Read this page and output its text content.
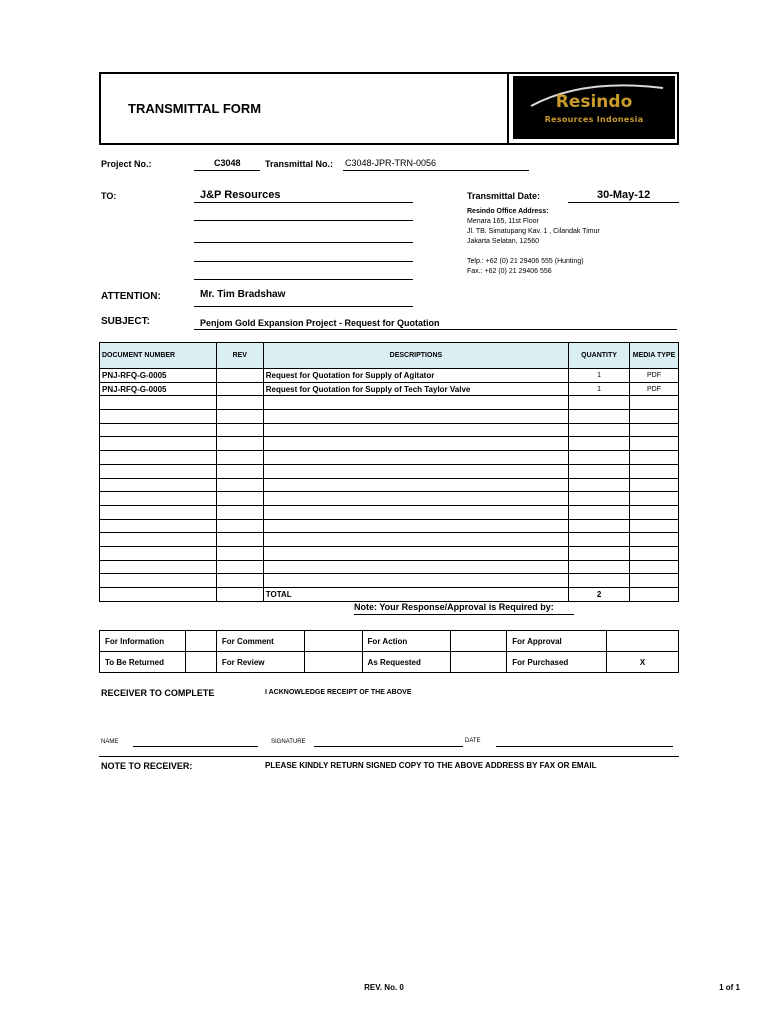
TRANSMITTAL FORM	Resindo
Resources Indonesia
Project No.:	C3048	Transmittal No.: C3048-JPR-TRN-0056
TO:	J&P Resources	Transmittal Date:	30-May-12
Resindo Office Address:
Menara 165, 11st Floor
Jl. TB. Simatupang Kav. 1 , Cilandak Timur
Jakarta Selatan, 12560
Telp.: +62 (0) 21 29406 555 (Hunting)
Fax.: +62 (0) 21 29406 556
ATTENTION:	Mr. Tim Bradshaw
SUBJECT:	Penjom Gold Expansion Project - Request for Quotation
DOCUMENT NUMBER	REV	DESCRIPTIONS	QUANTITY	MEDIA TYPE
PNJ-RFQ-G-0005		Request for Quotation for Supply of Agitator	1	PDF
PNJ-RFQ-G-0005		Request for Quotation for Supply of Tech Taylor Valve	1	PDF

		TOTAL	2	
Note: Your Response/Approval is Required by:
For Information		For Comment		For Action		For Approval	
To Be Returned		For Review		As Requested		For Purchased	X
RECEIVER TO COMPLETE	I ACKNOWLEDGE RECEIPT OF THE ABOVE
NAME	SIGNATURE	DATE
NOTE TO RECEIVER:	PLEASE KINDLY RETURN SIGNED COPY TO THE ABOVE ADDRESS BY FAX OR EMAIL
REV. No. 0	1 of 1
